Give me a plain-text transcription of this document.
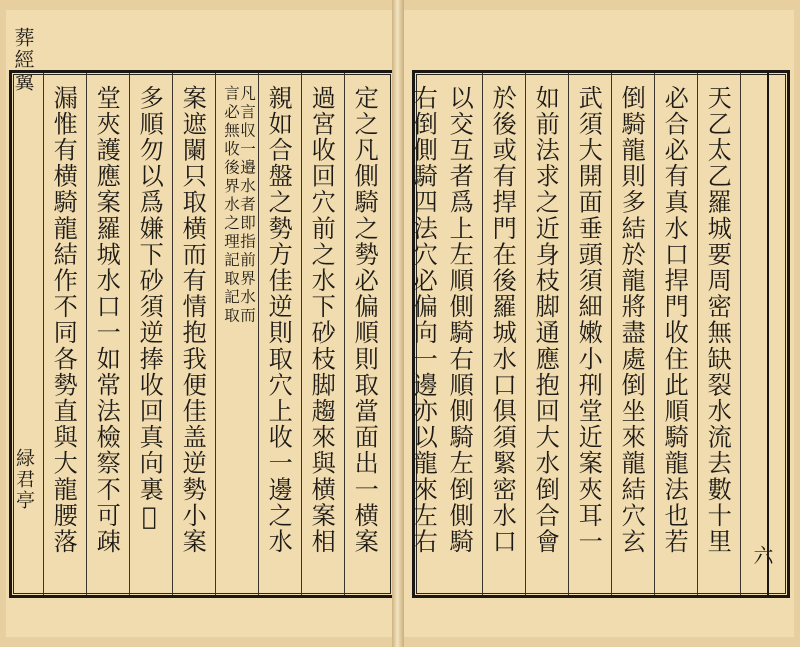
葬經翼
緑君亭	定之凡側騎之勢必偏順則取當面出一横案
過宮收回穴前之水下砂枝脚趨來與横案相
親如合盤之勢方佳逆則取穴上收一邊之水
凡言収一邉水者即指前界水而
言必無收後界水之理記取記取
案遮闌只取横而有情抱我便佳盖逆勢小案
多順勿以爲嫌下砂須逆捧收回真向裏𪿙
堂夾護應案羅城水口一如常法檢察不可疎
漏惟有横騎龍結作不同各勢直與大龍腰落	天乙太乙羅城要周密無缺裂水流去數十里
必合必有真水口捍門收住此順騎龍法也若
倒騎龍則多結於龍將盡處倒坐來龍結穴玄
武須大開面垂頭須細嫩小𠛬堂近案夾耳一
如前法求之近身枝脚通應抱回大水倒合會
於後或有捍門在後羅城水口俱須緊密水口
以交互者爲上左順側騎右順側騎左倒側騎
右倒側騎四法穴必偏向一邊亦以龍來左右
六
